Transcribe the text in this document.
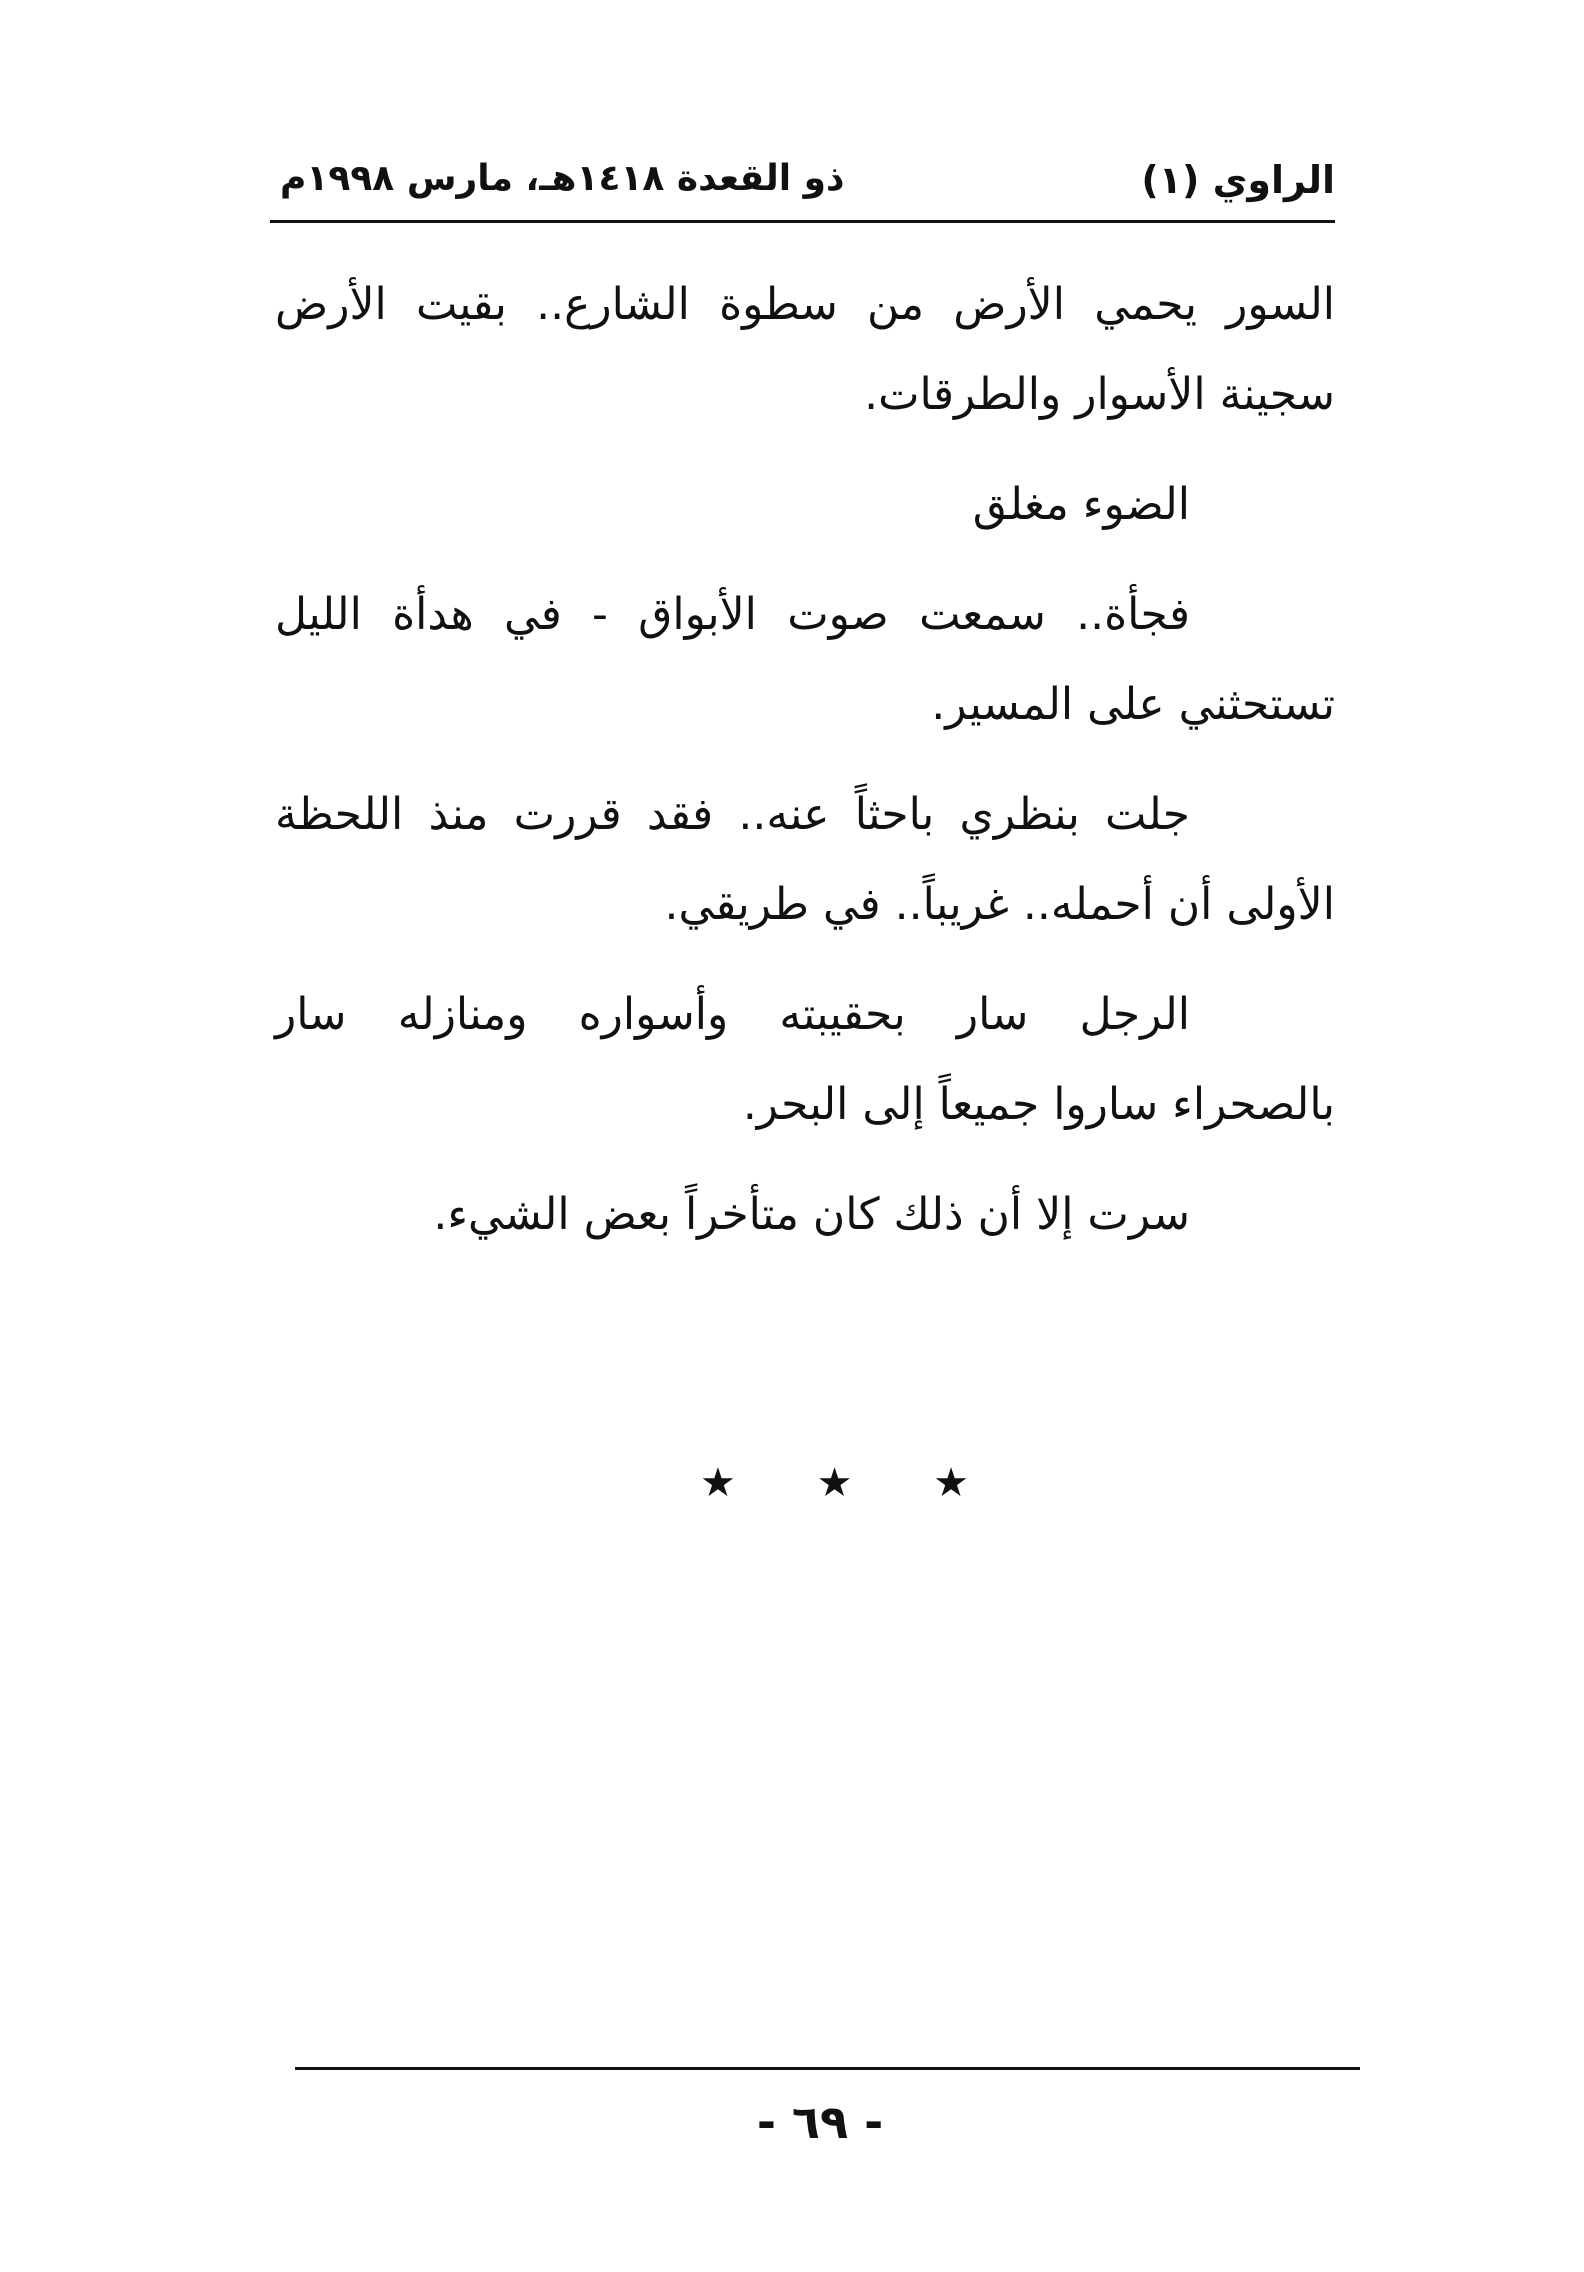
الراوي (١)
ذو القعدة ١٤١٨هـ، مارس ١٩٩٨م

السور يحمي الأرض من سطوة الشارع.. بقيت الأرض
سجينة الأسوار والطرقات.

الضوء مغلق

فجأة.. سمعت صوت الأبواق - في هدأة الليل
تستحثني على المسير.

جلت بنظري باحثاً عنه.. فقد قررت منذ اللحظة
الأولى أن أحمله.. غريباً.. في طريقي.

الرجل سار بحقيبته وأسواره ومنازله سار
بالصحراء ساروا جميعاً إلى البحر.

سرت إلا أن ذلك كان متأخراً بعض الشيء.

★ ★ ★
- ٦٩ -
